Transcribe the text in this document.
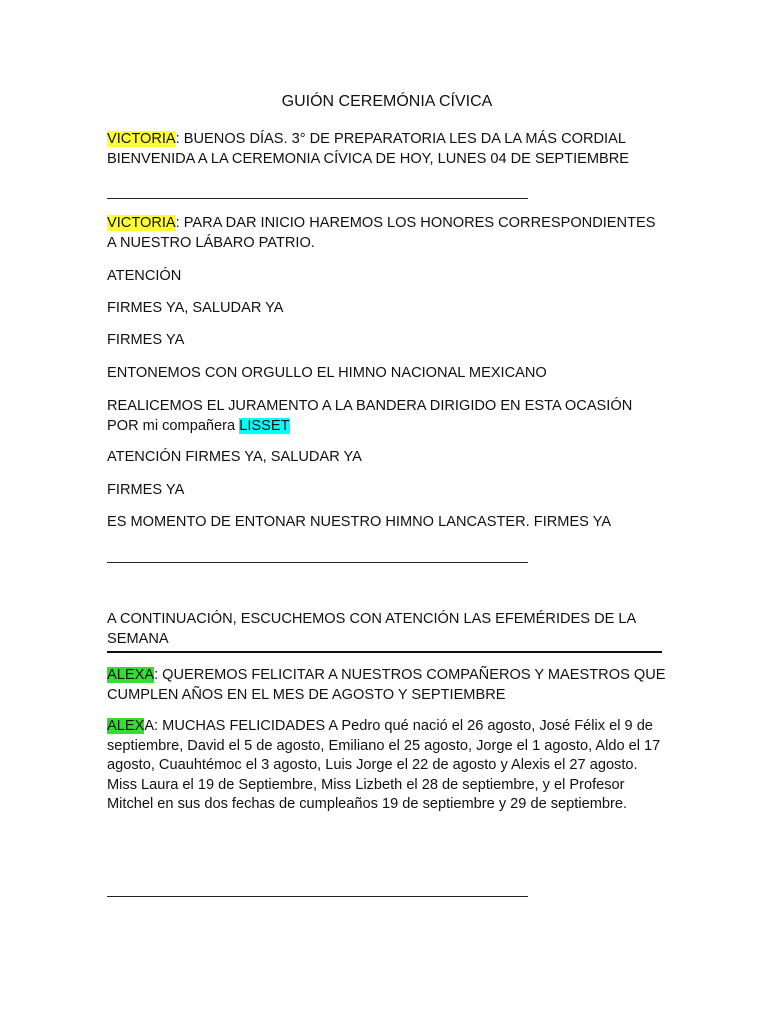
GUIÓN CEREMÓNIA CÍVICA

VICTORIA: BUENOS DÍAS. 3° DE PREPARATORIA LES DA LA MÁS CORDIAL BIENVENIDA A LA CEREMONIA CÍVICA DE HOY, LUNES 04 DE SEPTIEMBRE

VICTORIA: PARA DAR INICIO HAREMOS LOS HONORES CORRESPONDIENTES A NUESTRO LÁBARO PATRIO.

ATENCIÓN

FIRMES YA, SALUDAR YA

FIRMES YA

ENTONEMOS CON ORGULLO EL HIMNO NACIONAL MEXICANO

REALICEMOS EL JURAMENTO A LA BANDERA DIRIGIDO EN ESTA OCASIÓN POR mi compañera LISSET

ATENCIÓN FIRMES YA, SALUDAR YA

FIRMES YA

ES MOMENTO DE ENTONAR NUESTRO HIMNO LANCASTER. FIRMES YA

A CONTINUACIÓN, ESCUCHEMOS CON ATENCIÓN LAS EFEMÉRIDES DE LA SEMANA

ALEXA: QUEREMOS FELICITAR A NUESTROS COMPAÑEROS Y MAESTROS QUE CUMPLEN AÑOS EN EL MES DE AGOSTO Y SEPTIEMBRE

ALEXA: MUCHAS FELICIDADES A Pedro qué nació el 26 agosto, José Félix el 9 de septiembre, David el 5 de agosto, Emiliano el 25 agosto, Jorge el 1 agosto, Aldo el 17 agosto, Cuauhtémoc el 3 agosto, Luis Jorge el 22 de agosto y Alexis el 27 agosto. Miss Laura el 19 de Septiembre, Miss Lizbeth el 28 de septiembre, y el Profesor Mitchel en sus dos fechas de cumpleaños 19 de septiembre y 29 de septiembre.
